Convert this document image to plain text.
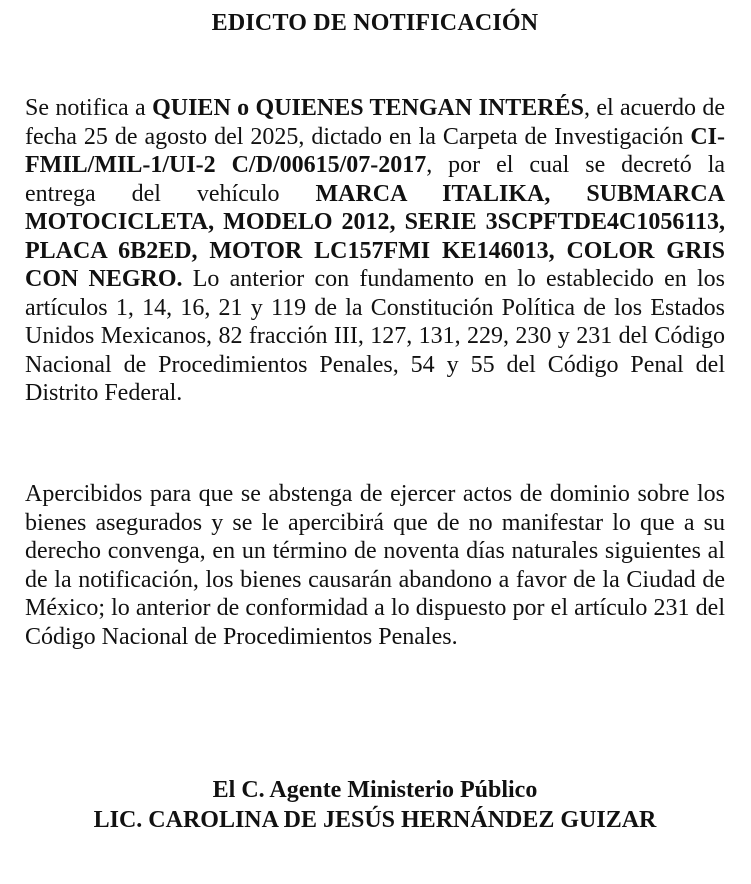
EDICTO DE NOTIFICACIÓN

Se notifica a QUIEN o QUIENES TENGAN INTERÉS, el acuerdo de fecha 25 de agosto del 2025, dictado en la Carpeta de Investigación CI-FMIL/MIL-1/UI-2 C/D/00615/07-2017, por el cual se decretó la entrega del vehículo MARCA ITALIKA, SUBMARCA MOTOCICLETA, MODELO 2012, SERIE 3SCPFTDE4C1056113, PLACA 6B2ED, MOTOR LC157FMI KE146013, COLOR GRIS CON NEGRO. Lo anterior con fundamento en lo establecido en los artículos 1, 14, 16, 21 y 119 de la Constitución Política de los Estados Unidos Mexicanos, 82 fracción III, 127, 131, 229, 230 y 231 del Código Nacional de Procedimientos Penales, 54 y 55 del Código Penal del Distrito Federal.

Apercibidos para que se abstenga de ejercer actos de dominio sobre los bienes asegurados y se le apercibirá que de no manifestar lo que a su derecho convenga, en un término de noventa días naturales siguientes al de la notificación, los bienes causarán abandono a favor de la Ciudad de México; lo anterior de conformidad a lo dispuesto por el artículo 231 del Código Nacional de Procedimientos Penales.

El C. Agente Ministerio Público
LIC. CAROLINA DE JESÚS HERNÁNDEZ GUIZAR
